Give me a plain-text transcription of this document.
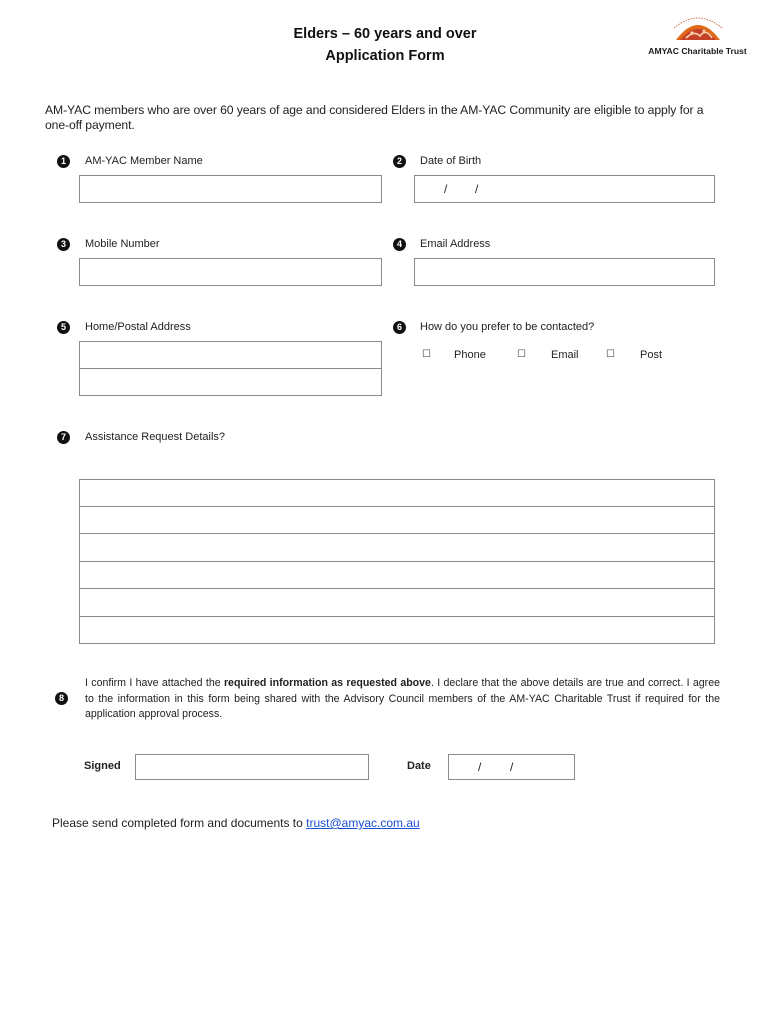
Elders – 60 years and over
Application Form	AMYAC Charitable Trust
AM-YAC members who are over 60 years of age and considered Elders in the AM-YAC Community are eligible to apply for a one-off payment.
1	AM-YAC Member Name	2	Date of Birth
/ /
3	Mobile Number	4	Email Address
5	Home/Postal Address	6	How do you prefer to be contacted?
☐ Phone	☐ Email	☐ Post
7	Assistance Request Details?
8
I confirm I have attached the required information as requested above. I declare that the above details are true and correct. I agree to the information in this form being shared with the Advisory Council members of the AM-YAC Charitable Trust if required for the application approval process.
Signed	Date	/ /
Please send completed form and documents to trust@amyac.com.au
